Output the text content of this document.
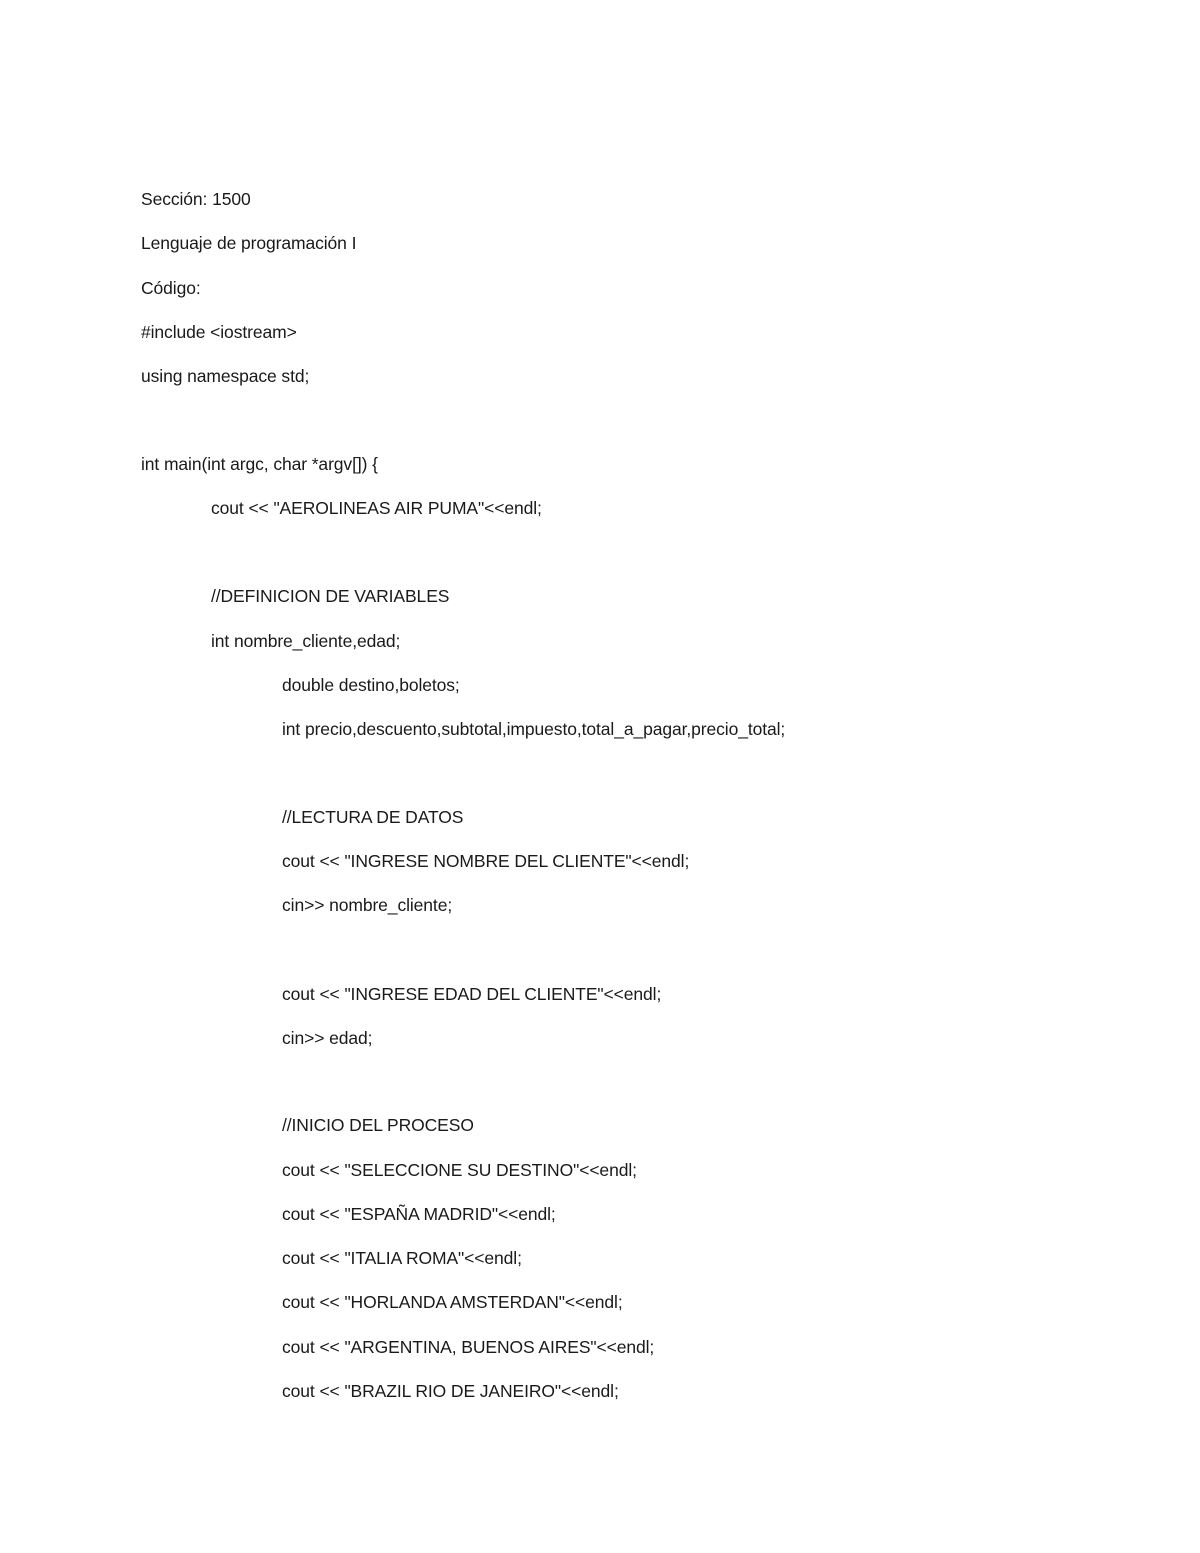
Sección: 1500
Lenguaje de programación I
Código:
#include <iostream>
using namespace std;
int main(int argc, char *argv[]) {
cout << "AEROLINEAS AIR PUMA"<<endl;
//DEFINICION DE VARIABLES
int nombre_cliente,edad;
double destino,boletos;
int precio,descuento,subtotal,impuesto,total_a_pagar,precio_total;
//LECTURA DE DATOS
cout << "INGRESE NOMBRE DEL CLIENTE"<<endl;
cin>> nombre_cliente;
cout << "INGRESE EDAD DEL CLIENTE"<<endl;
cin>> edad;
//INICIO DEL PROCESO
cout << "SELECCIONE SU DESTINO"<<endl;
cout << "ESPAÑA MADRID"<<endl;
cout << "ITALIA ROMA"<<endl;
cout << "HORLANDA AMSTERDAN"<<endl;
cout << "ARGENTINA, BUENOS AIRES"<<endl;
cout << "BRAZIL RIO DE JANEIRO"<<endl;
